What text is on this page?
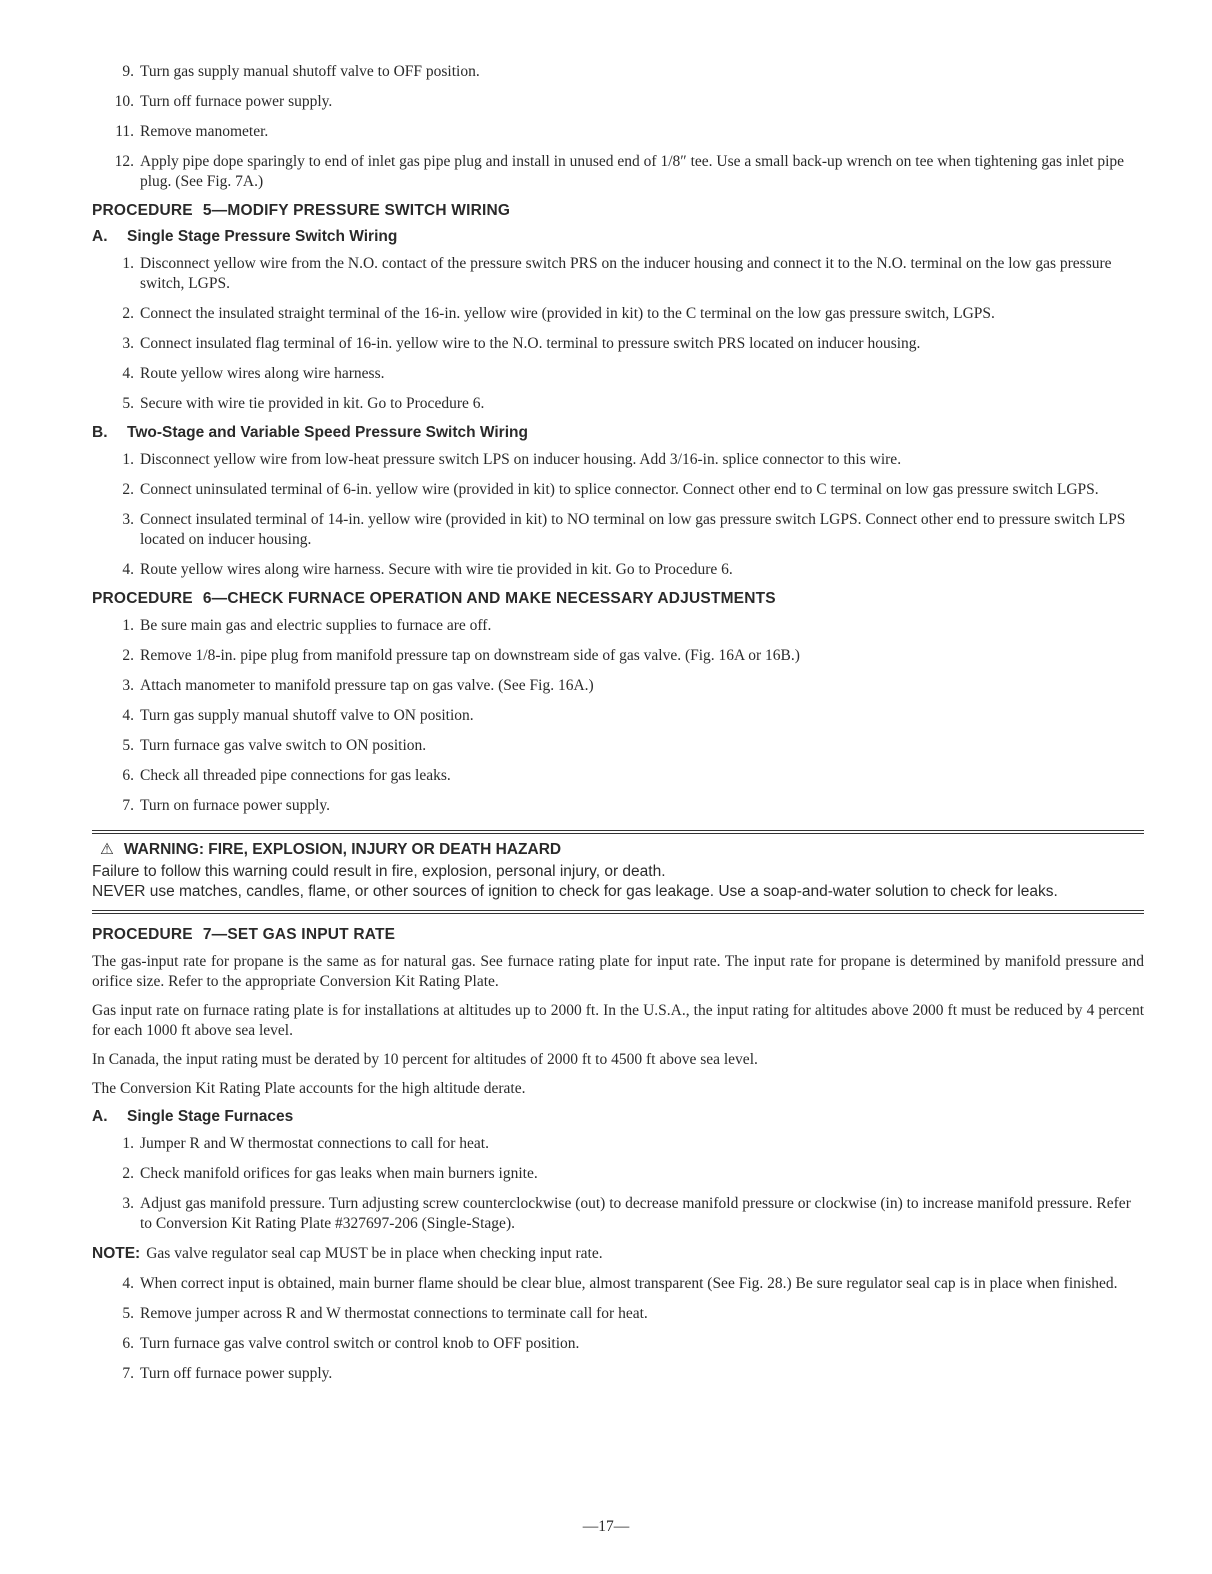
9. Turn gas supply manual shutoff valve to OFF position.
10. Turn off furnace power supply.
11. Remove manometer.
12. Apply pipe dope sparingly to end of inlet gas pipe plug and install in unused end of 1/8″ tee. Use a small back-up wrench on tee when tightening gas inlet pipe plug. (See Fig. 7A.)
PROCEDURE 5—MODIFY PRESSURE SWITCH WIRING
A. Single Stage Pressure Switch Wiring
1. Disconnect yellow wire from the N.O. contact of the pressure switch PRS on the inducer housing and connect it to the N.O. terminal on the low gas pressure switch, LGPS.
2. Connect the insulated straight terminal of the 16-in. yellow wire (provided in kit) to the C terminal on the low gas pressure switch, LGPS.
3. Connect insulated flag terminal of 16-in. yellow wire to the N.O. terminal to pressure switch PRS located on inducer housing.
4. Route yellow wires along wire harness.
5. Secure with wire tie provided in kit. Go to Procedure 6.
B. Two-Stage and Variable Speed Pressure Switch Wiring
1. Disconnect yellow wire from low-heat pressure switch LPS on inducer housing. Add 3/16-in. splice connector to this wire.
2. Connect uninsulated terminal of 6-in. yellow wire (provided in kit) to splice connector. Connect other end to C terminal on low gas pressure switch LGPS.
3. Connect insulated terminal of 14-in. yellow wire (provided in kit) to NO terminal on low gas pressure switch LGPS. Connect other end to pressure switch LPS located on inducer housing.
4. Route yellow wires along wire harness. Secure with wire tie provided in kit. Go to Procedure 6.
PROCEDURE 6—CHECK FURNACE OPERATION AND MAKE NECESSARY ADJUSTMENTS
1. Be sure main gas and electric supplies to furnace are off.
2. Remove 1/8-in. pipe plug from manifold pressure tap on downstream side of gas valve. (Fig. 16A or 16B.)
3. Attach manometer to manifold pressure tap on gas valve. (See Fig. 16A.)
4. Turn gas supply manual shutoff valve to ON position.
5. Turn furnace gas valve switch to ON position.
6. Check all threaded pipe connections for gas leaks.
7. Turn on furnace power supply.
⚠ WARNING: FIRE, EXPLOSION, INJURY OR DEATH HAZARD

Failure to follow this warning could result in fire, explosion, personal injury, or death.

NEVER use matches, candles, flame, or other sources of ignition to check for gas leakage. Use a soap-and-water solution to check for leaks.

PROCEDURE 7—SET GAS INPUT RATE

The gas-input rate for propane is the same as for natural gas. See furnace rating plate for input rate. The input rate for propane is determined by manifold pressure and orifice size. Refer to the appropriate Conversion Kit Rating Plate.

Gas input rate on furnace rating plate is for installations at altitudes up to 2000 ft. In the U.S.A., the input rating for altitudes above 2000 ft must be reduced by 4 percent for each 1000 ft above sea level.

In Canada, the input rating must be derated by 10 percent for altitudes of 2000 ft to 4500 ft above sea level.

The Conversion Kit Rating Plate accounts for the high altitude derate.

A. Single Stage Furnaces
1. Jumper R and W thermostat connections to call for heat.
2. Check manifold orifices for gas leaks when main burners ignite.
3. Adjust gas manifold pressure. Turn adjusting screw counterclockwise (out) to decrease manifold pressure or clockwise (in) to increase manifold pressure. Refer to Conversion Kit Rating Plate #327697-206 (Single-Stage).
NOTE: Gas valve regulator seal cap MUST be in place when checking input rate.
4. When correct input is obtained, main burner flame should be clear blue, almost transparent (See Fig. 28.) Be sure regulator seal cap is in place when finished.
5. Remove jumper across R and W thermostat connections to terminate call for heat.
6. Turn furnace gas valve control switch or control knob to OFF position.
7. Turn off furnace power supply.
—17—
